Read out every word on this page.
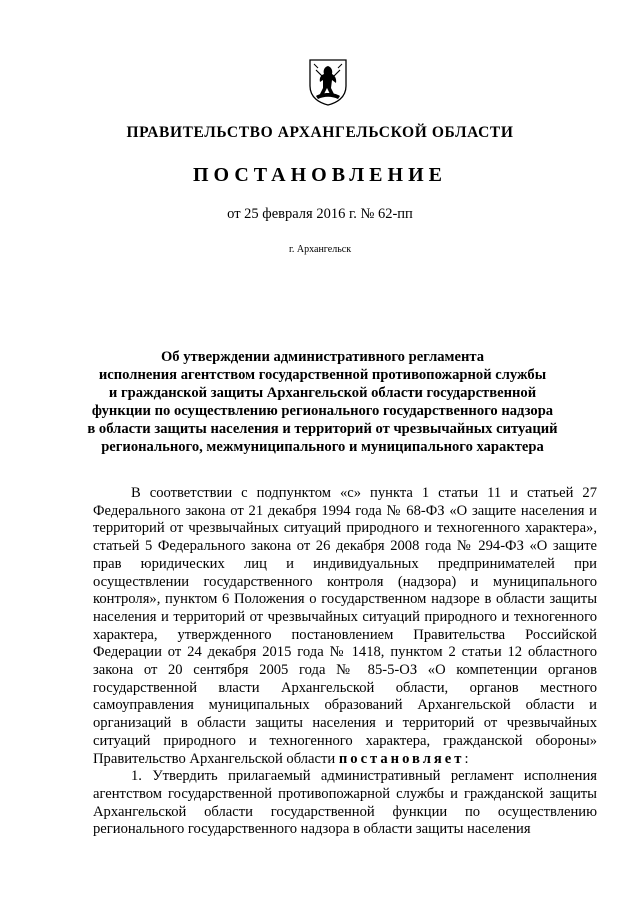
ПРАВИТЕЛЬСТВО АРХАНГЕЛЬСКОЙ ОБЛАСТИ
ПОСТАНОВЛЕНИЕ
от 25 февраля 2016 г. № 62-пп
г. Архангельск
Об утверждении административного регламента
исполнения агентством государственной противопожарной службы
и гражданской защиты Архангельской области государственной
функции по осуществлению регионального государственного надзора
в области защиты населения и территорий от чрезвычайных ситуаций
регионального, межмуниципального и муниципального характера

В соответствии с подпунктом «с» пункта 1 статьи 11 и статьей 27 Федерального закона от 21 декабря 1994 года № 68-ФЗ «О защите населения и территорий от чрезвычайных ситуаций природного и техногенного характера», статьей 5 Федерального закона от 26 декабря 2008 года № 294-ФЗ «О защите прав юридических лиц и индивидуальных предпринимателей при осуществлении государственного контроля (надзора) и муниципального контроля», пунктом 6 Положения о государственном надзоре в области защиты населения и территорий от чрезвычайных ситуаций природного и техногенного характера, утвержденного постановлением Правительства Российской Федерации от 24 декабря 2015 года № 1418, пунктом 2 статьи 12 областного закона от 20 сентября 2005 года № 85-5-ОЗ «О компетенции органов государственной власти Архангельской области, органов местного самоуправления муниципальных образований Архангельской области и организаций в области защиты населения и территорий от чрезвычайных ситуаций природного и техногенного характера, гражданской обороны» Правительство Архангельской области постановляет:

1. Утвердить прилагаемый административный регламент исполнения агентством государственной противопожарной службы и гражданской защиты Архангельской области государственной функции по осуществлению регионального государственного надзора в области защиты населения
